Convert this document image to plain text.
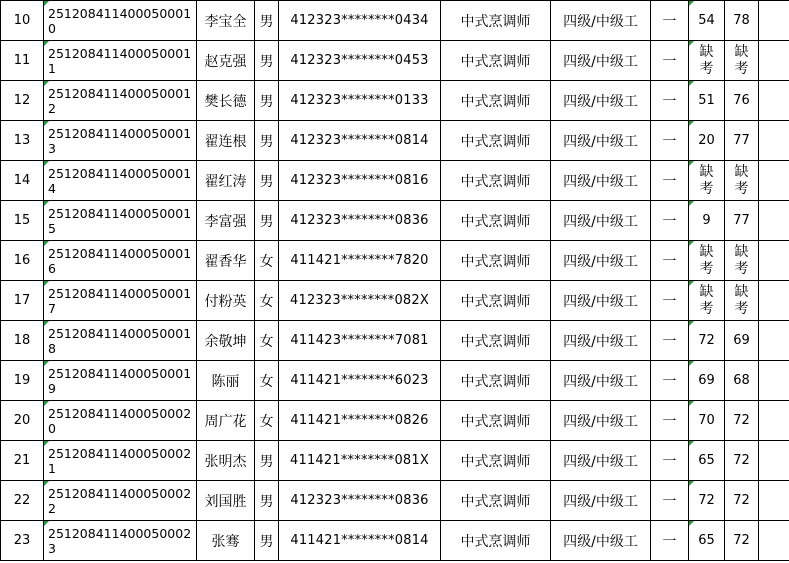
10	2512084114000500010	李宝全	男	412323********0434	中式烹调师	四级/中级工	一	54	78	
11	2512084114000500011	赵克强	男	412323********0453	中式烹调师	四级/中级工	一	缺考	缺考	
12	2512084114000500012	樊长德	男	412323********0133	中式烹调师	四级/中级工	一	51	76	
13	2512084114000500013	翟连根	男	412323********0814	中式烹调师	四级/中级工	一	20	77	
14	2512084114000500014	翟红涛	男	412323********0816	中式烹调师	四级/中级工	一	缺考	缺考	
15	2512084114000500015	李富强	男	412323********0836	中式烹调师	四级/中级工	一	9	77	
16	2512084114000500016	翟香华	女	411421********7820	中式烹调师	四级/中级工	一	缺考	缺考	
17	2512084114000500017	付粉英	女	412323********082X	中式烹调师	四级/中级工	一	缺考	缺考	
18	2512084114000500018	余敬坤	女	411423********7081	中式烹调师	四级/中级工	一	72	69	
19	2512084114000500019	陈丽	女	411421********6023	中式烹调师	四级/中级工	一	69	68	
20	2512084114000500020	周广花	女	411421********0826	中式烹调师	四级/中级工	一	70	72	
21	2512084114000500021	张明杰	男	411421********081X	中式烹调师	四级/中级工	一	65	72	
22	2512084114000500022	刘国胜	男	412323********0836	中式烹调师	四级/中级工	一	72	72	
23	2512084114000500023	张骞	男	411421********0814	中式烹调师	四级/中级工	一	65	72	
